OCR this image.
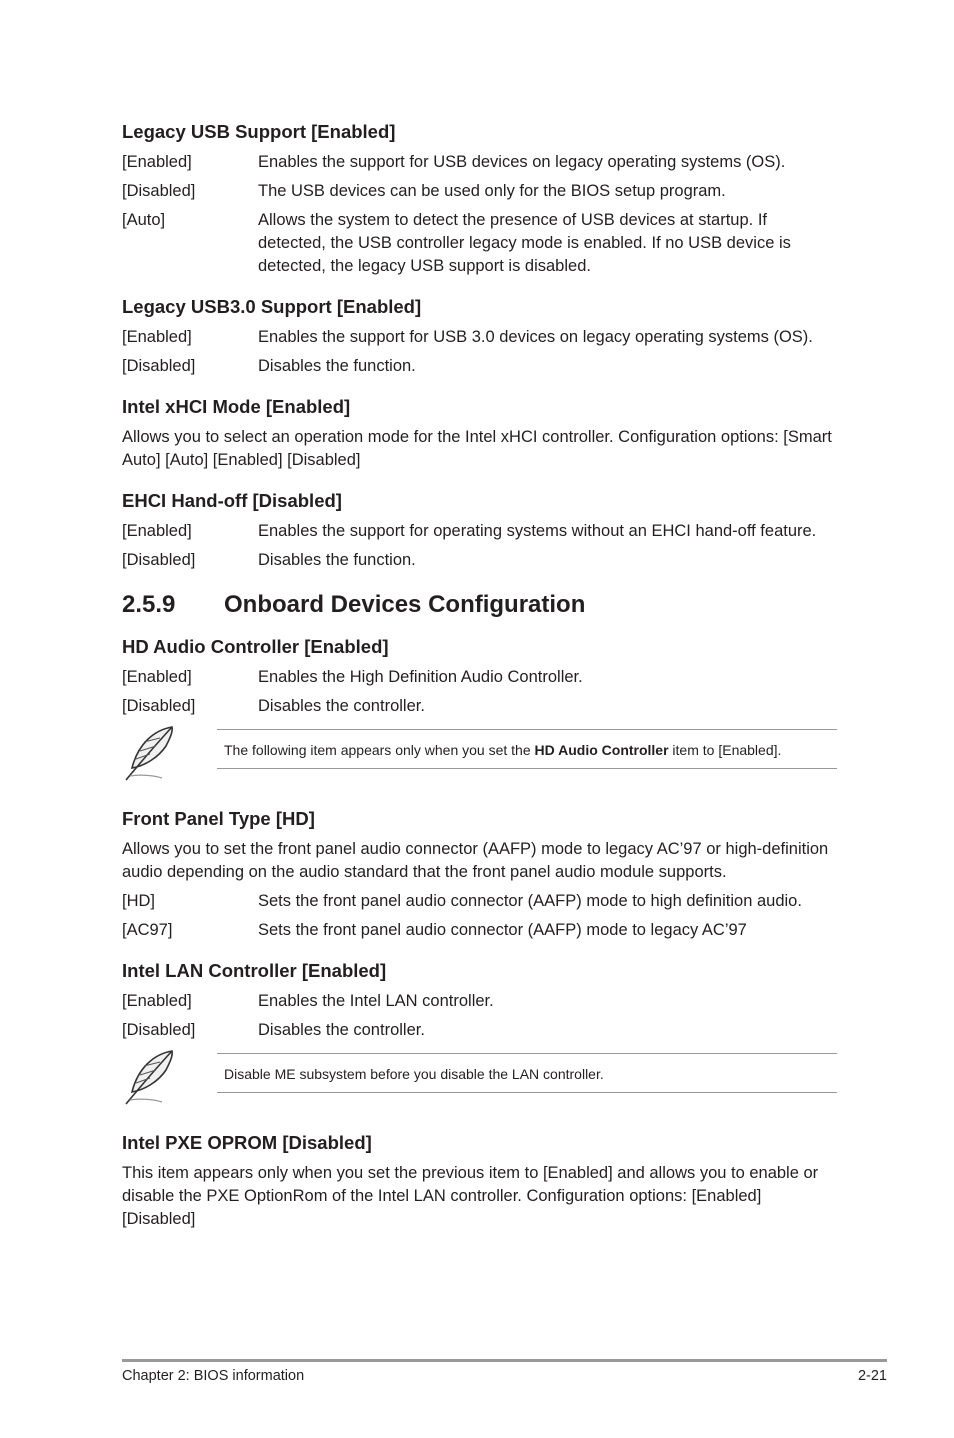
Legacy USB Support [Enabled]
[Enabled]	Enables the support for USB devices on legacy operating systems (OS).
[Disabled]	The USB devices can be used only for the BIOS setup program.
[Auto]	Allows the system to detect the presence of USB devices at startup. If detected, the USB controller legacy mode is enabled. If no USB device is detected, the legacy USB support is disabled.
Legacy USB3.0 Support [Enabled]
[Enabled]	Enables the support for USB 3.0 devices on legacy operating systems (OS).
[Disabled]	Disables the function.
Intel xHCI Mode [Enabled]
Allows you to select an operation mode for the Intel xHCI controller. Configuration options: [Smart Auto] [Auto] [Enabled] [Disabled]
EHCI Hand-off [Disabled]
[Enabled]	Enables the support for operating systems without an EHCI hand-off feature.
[Disabled]	Disables the function.
2.5.9	Onboard Devices Configuration
HD Audio Controller [Enabled]
[Enabled]	Enables the High Definition Audio Controller.
[Disabled]	Disables the controller.
The following item appears only when you set the HD Audio Controller item to [Enabled].
Front Panel Type [HD]
Allows you to set the front panel audio connector (AAFP) mode to legacy AC’97 or high-definition audio depending on the audio standard that the front panel audio module supports.
[HD]	Sets the front panel audio connector (AAFP) mode to high definition audio.
[AC97]	Sets the front panel audio connector (AAFP) mode to legacy AC’97
Intel LAN Controller [Enabled]
[Enabled]	Enables the Intel LAN controller.
[Disabled]	Disables the controller.
Disable ME subsystem before you disable the LAN controller.
Intel PXE OPROM [Disabled]
This item appears only when you set the previous item to [Enabled] and allows you to enable or disable the PXE OptionRom of the Intel LAN controller. Configuration options: [Enabled] [Disabled]
Chapter 2: BIOS information	2-21
